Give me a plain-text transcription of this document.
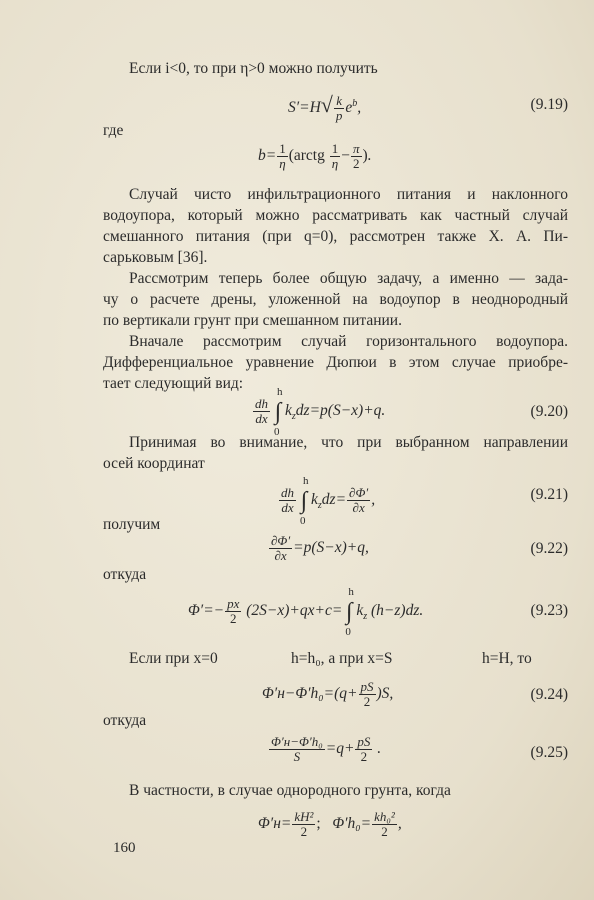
Если i<0, то при η>0 можно получить
$S'=H√ \frac{k}{p} e^b$,	(9.19)
где
$b= \frac{1}{\eta}$ (arctg $\frac{1}{\eta} - \frac{\pi}{2}$ ).
Случай чисто инфильтрационного питания и наклонного
водоупора, который можно рассматривать как частный случай
смешанного питания (при q=0), рассмотрен также Х. А. Пи-
сарьковым [36].
Рассмотрим теперь более общую задачу, а именно — зада-
чу о расчете дрены, уложенной на водоупор в неоднородный
по вертикали грунт при смешанном питании.
Вначале рассмотрим случай горизонтального водоупора.
Дифференциальное уравнение Дюпюи в этом случае приобре-
тает следующий вид:
$\frac{dh}{dx}$ ∫
h
0
$k_zdz=p(S-x)+q$.	(9.20)
Принимая во внимание, что при выбранном направлении
осей координат
$\frac{dh}{dx}$ ∫
h
0
$k_zdz= \frac{\partial\Phi'}{\partial x}$ ,	(9.21)
получим
$\frac{\partial\Phi'}{\partial x} =p(S-x)+q$,	(9.22)
откуда
$\Phi'=- \frac{px}{2} (2S-x)+qx+c=$ ∫
h
0
$k_z$ (h−z)dz.	(9.23)
Если при x=0	h=h₀, а при x=S	h=H, то
$\Phi'н-\Phi'h_0=(q+ \frac{pS}{2} )S$,	(9.24)
откуда
$\frac{\text{Φ′н−Φ′h₀}}{S} =q+ \frac{pS}{2}$ .	(9.25)
В частности, в случае однородного грунта, когда
$\Phi'н= \frac{\text{kH²}}{2}$ ; $\Phi'h_0= \frac{\text{kh₀²}}{2}$ ,
160
